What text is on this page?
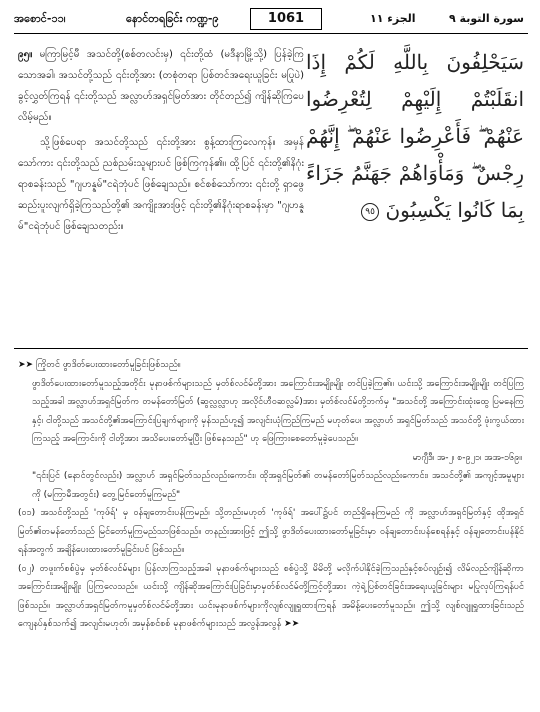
အစောင်-၁၁၊	နောင်တရခြင်း ကဏ္ဍ-၉	1061	الجزء ١١	سورة التوبة ٩

၉၅။ မကြာမြင့်မီ အသင်တို့(စစ်တလင်းမှ) ၎င်းတို့ထံ (မဒီနာမြို့သို့) ပြန်ခဲ့ကြသောအခါ၊ အသင်တို့သည် ၎င်းတို့အား (တစုံတရာ ပြစ်တင်အရေးယူခြင်း မပြုပဲ) ခွင့်လွှတ်ကြရန် ၎င်းတို့သည် အလ္လာဟ်အရှင်မြတ်အား တိုင်တည်၍ ကျိန်ဆိုကြပေလိမ့်မည်။

သို့ဖြစ်ပေရာ အသင်တို့သည် ၎င်းတို့အား စွန့်ထားကြလေကုန်။ အမှန်သော်ကား ၎င်းတို့သည် ညစ်ညမ်းသူများပင် ဖြစ်ကြကုန်၏။ ထို့ပြင် ၎င်းတို့၏နိဂုံးရာစခန်းသည် "ဂျဟန္နမ်"ငရဲဘုံပင် ဖြစ်ချေသည်။ စင်စစ်သော်ကား ၎င်းတို့ ရှာဖွေဆည်းပူးလျက်ရှိခဲ့ကြသည်တို့၏ အကျိုးအားဖြင့် ၎င်းတို့၏နိဂုံးရာစခန်းမှာ "ဂျဟန္နမ်"ငရဲဘုံပင် ဖြစ်ချေသတည်း။

سَيَحْلِفُونَ بِاللَّهِ لَكُمْ إِذَا انقَلَبْتُمْ إِلَيْهِمْ لِتُعْرِضُوا عَنْهُمْ ۖ فَأَعْرِضُوا عَنْهُمْ ۖ إِنَّهُمْ رِجْسٌ ۖ وَمَأْوَاهُمْ جَهَنَّمُ جَزَاءً بِمَا كَانُوا يَكْسِبُونَ ٩٥

➤➤ ကြိုတင် ဖွာဒိတ်ပေးထားတော်မူခြင်းဖြစ်သည်။

ဖွာဒိတ်ပေးထားတော်မူသည့်အတိုင်း မုနာဖစ်က်များသည် မှတ်စ်လင်မ်တို့အား အကြောင်းအမျိုးမျိုး တင်ပြခဲ့ကြ၏။ ယင်းသို့ အကြောင်းအမျိုးမျိုး တင်ပြကြသည့်အခါ အလ္လာဟ်အရှင်မြတ်က တမန်တော်မြတ် (ဆွလ္လလ္လာဟု အလိုင်ဟီဝဆလ္လမ်)အား မှတ်စ်လင်မ်တို့ဘက်မှ "အသင်တို့ အကြောင်းထုံးထွေ ပြမနေကြနှင့်၊ ငါတို့သည် အသင်တို့၏အကြောင်းပြချက်များကို မှန်သည်ဟူ၍ အလျင်းယုံကြည်ကြမည် မဟုတ်ပေ၊ အလ္လာဟ် အရှင်မြတ်သည် အသင်တို့ ဖုံးကွယ်ထားကြသည့် အကြောင်းကို ငါတို့အား အသိပေးတော်မူပြီး ဖြစ်နေသည်" ဟု ဖြေကြားစေတော်မူခဲ့ပေသည်။
မာဂျီဒီ၊ အ-၂၊ စ-၉၂၁၊ အအ-၁၆၉။

"၎င်းပြင် (နောင်တွင်လည်း) အလ္လာဟ် အရှင်မြတ်သည်လည်းကောင်း၊ ထိုအရှင်မြတ်၏ တမန်တော်မြတ်သည်လည်းကောင်း၊ အသင်တို့၏ အကျင့်အမူများကို (မကြာမီအတွင်း) တွေ့မြင်တော်မူကြမည်"

(၀၁) အသင်တို့သည် 'ကုဖ်ရ်' မှ ဝန်ချတောင်းပန်ကြမည်၊ သို့တည်းမဟုတ် 'ကုဖ်ရ်' အပေါ်၌ပင် တည်ရှိနေကြမည် ကို အလ္လာဟ်အရှင်မြတ်နှင့် ထိုအရှင်မြတ်၏တမန်တော်သည် မြင်တော်မူကြမည်သာဖြစ်သည်။ တနည်းအားဖြင့် ဤသို့ ဖွာဒိတ်ပေးထားတော်မူခြင်းမှာ ဝန်ချတောင်းပန်စေရန်နှင့် ဝန်ချတောင်းပန်နိုင်ရန်အတွက် အချိန်ပေးထားတော်မူခြင်းပင် ဖြစ်သည်။

(၀၂) တဖူးက်စစ်ပွဲမှ မှတ်စ်လင်မ်များ ပြန်လာကြသည့်အခါ မုနာဖစ်က်များသည် စစ်ပွဲသို့ မိမိတို့ မလိုက်ပါနိုင်ခဲ့ကြသည်နှင့်စပ်လျဉ်း၍ လိမ်လည်ကျိန်ဆိုကာ အကြောင်းအမျိုးမျိုး ပြကြလေသည်။ ယင်းသို့ ကျိန်ဆိုအကြောင်းပြခြင်းမှာမှတ်စ်လင်မ်တို့ကြင့်တို့အား ကဲ့ရဲ့ပြစ်တင်ခြင်းအရေးယူခြင်းများ မပြုလုပ်ကြရန်ပင်ဖြစ်သည်။ အလ္လာဟ်အရှင်မြတ်ကမူမှတ်စ်လင်မ်တို့အား ယင်းမုနာဖစ်က်များကိုလျစ်လျူရှုထားကြရန် အမိန့်ပေးတော်မူသည်။ ဤသို့ လျစ်လျူရှုထားခြင်းသည် ကျေနပ်နှစ်သက်၍ အလျင်းမဟုတ်၊ အမှန်စင်စစ် မုနာဖစ်က်များသည် အလွန်အလွန် ➤➤
